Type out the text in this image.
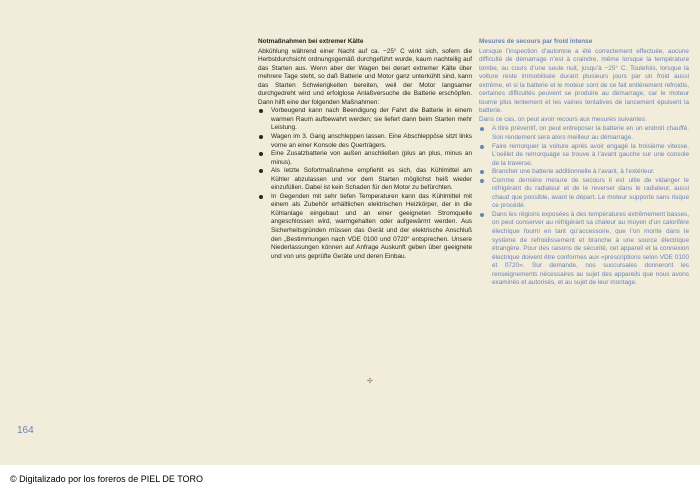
Notmaßnahmen bei extremer Kälte

Abkühlung während einer Nacht auf ca. −25° C wirkt sich, sofern die Herbstdurchsicht ordnungsgemäß durchgeführt wurde, kaum nachteilig auf das Starten aus. Wenn aber der Wagen bei derart extremer Kälte über mehrere Tage steht, so daß Batterie und Motor ganz unterkühlt sind, kann das Starten Schwierigkeiten bereiten, weil der Motor langsamer durchgedreht wird und erfolglose Anlaßversuche die Batterie erschöpfen. Dann hilft eine der folgenden Maßnahmen:

Vorbeugend kann nach Beendigung der Fahrt die Batterie in einem warmen Raum aufbewahrt werden; sie liefert dann beim Starten mehr Leistung.
Wagen im 3. Gang anschleppen lassen. Eine Abschleppöse sitzt links vorne an einer Konsole des Querträgers.
Eine Zusatzbatterie von außen anschließen (plus an plus, minus an minus).
Als letzte Sofortmaßnahme empfiehlt es sich, das Kühlmittel am Kühler abzulassen und vor dem Starten möglichst heiß wieder einzufüllen. Dabei ist kein Schaden für den Motor zu befürchten.
In Gegenden mit sehr tiefen Temperaturen kann das Kühlmittel mit einem als Zubehör erhältlichen elektrischen Heizkörper, der in die Kühlanlage eingebaut und an einer geeigneten Stromquelle angeschlossen wird, warmgehalten oder aufgewärmt werden. Aus Sicherheitsgründen müssen das Gerät und der elektrische Anschluß den „Bestimmungen nach VDE 0100 und 0720“ entsprechen. Unsere Niederlassungen können auf Anfrage Auskunft geben über geeignete und von uns geprüfte Geräte und deren Einbau.
Mesures de secours par froid intense

Lorsque l’inspection d’automne a été correctement effectuée, aucune difficulté de démarrage n’est à craindre, même lorsque la température tombe, au cours d’une seule nuit, jusqu’à −25° C. Toutefois, lorsque la voiture reste immobilisée durant plusieurs jours par un froid aussi extrême, et si la batterie et le moteur sont de ce fait entièrement refroidis, certaines difficultés peuvent se produire au démarrage, car le moteur tourne plus lentement et les vaines tentatives de lancement épuisent la batterie.

Dans ce cas, on peut avoir recours aux mesures suivantes:

A titre préventif, on peut entreposer la batterie en un endroit chauffé. Son rendement sera alors meilleur au démarrage.
Faire remorquer la voiture après avoir engagé la troisième vitesse. L’oeillet de remorquage se trouve à l’avant gauche sur une console de la traverse.
Brancher une batterie additionnelle à l’avant, à l’extérieur.
Comme dernière mesure de secours il est utile de vidanger le réfrigérant du radiateur et de le reverser dans le radiateur, aussi chaud que possible, avant le départ. Le moteur supporte sans risque ce procédé.
Dans les régions exposées à des températures extrêmement basses, on peut conserver au réfrigérant sa chaleur au moyen d’un calorifère électrique fourni en tant qu’accessoire, que l’on monte dans le système de refroidissement et branche à une source électrique étrangère. Pour des raisons de sécurité, cet appareil et la connexion électrique doivent être conformes aux «prescriptions selon VDE 0100 et 0720». Sur demande, nos succursales donneront les renseignements nécessaires au sujet des appareils que nous avons examinés et autorisés, et au sujet de leur montage.
✣
164
© Digitalizado por los foreros de PIEL DE TORO
